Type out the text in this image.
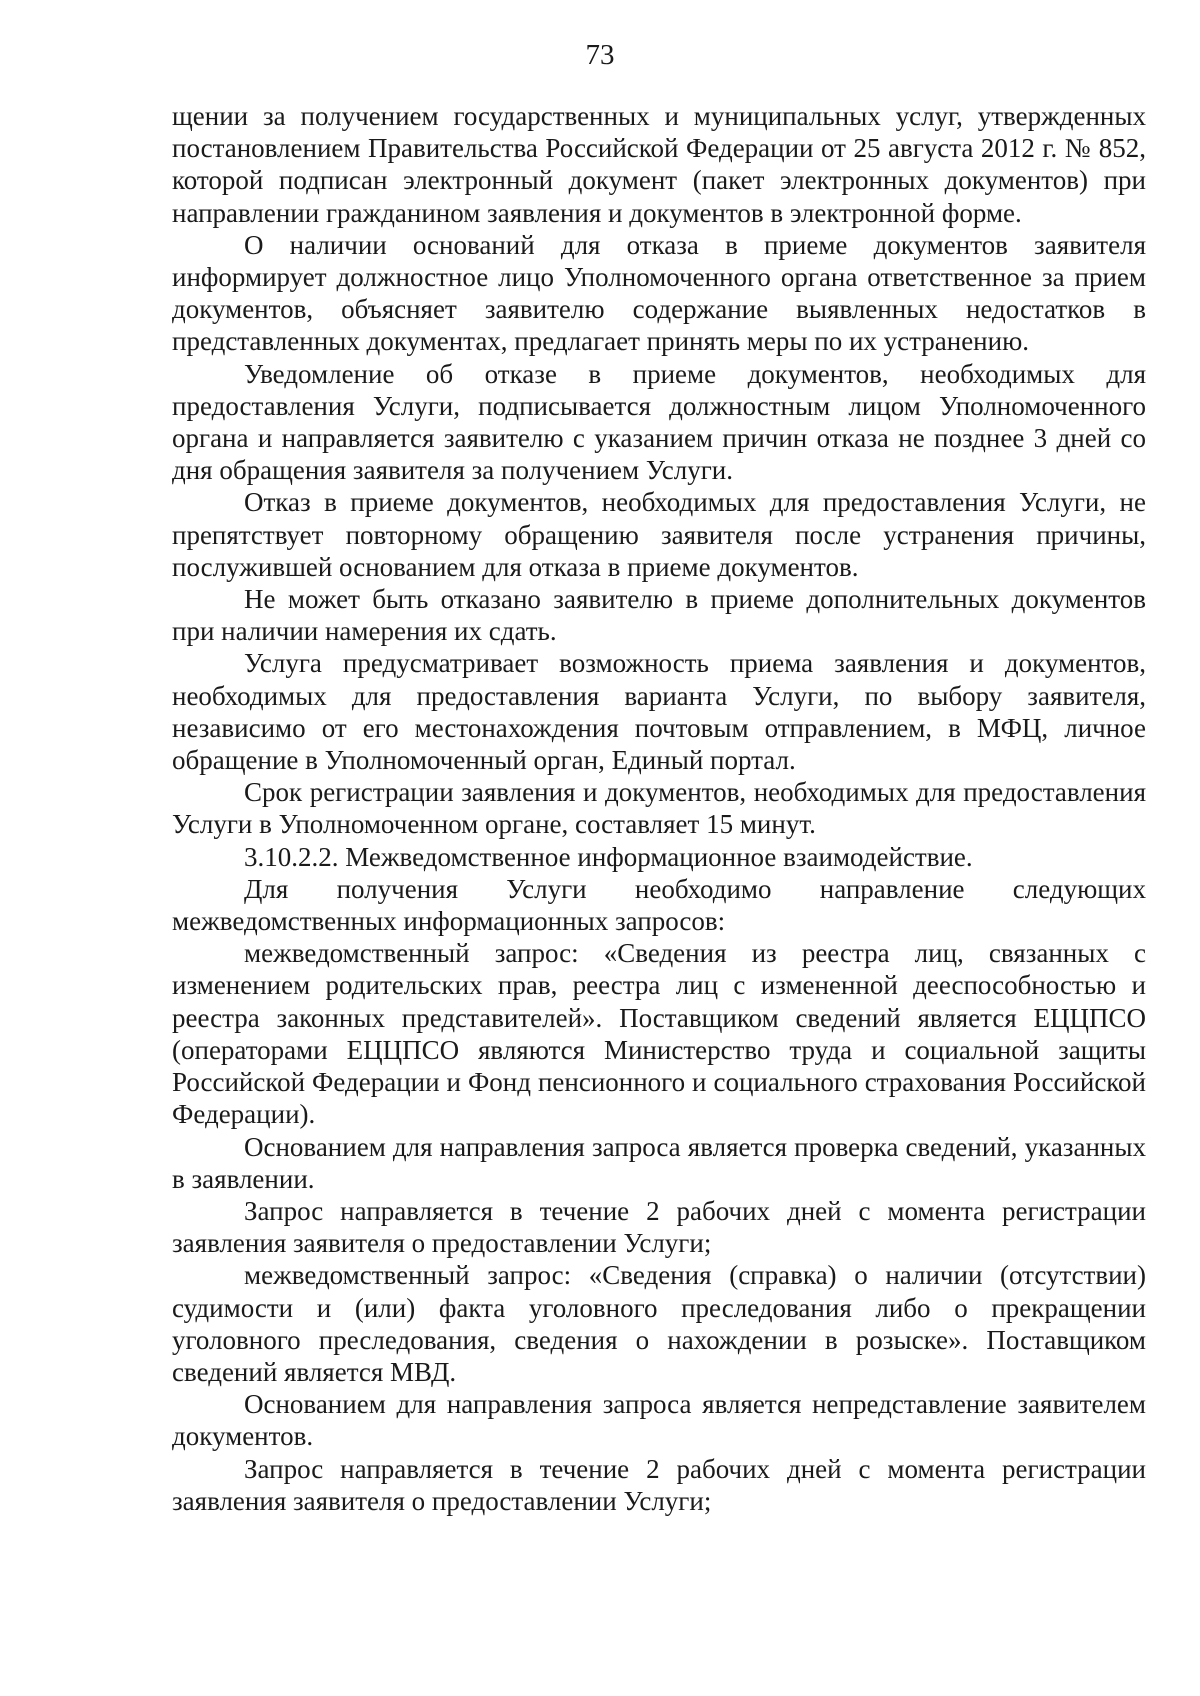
73

щении за получением государственных и муниципальных услуг, утвержденных постановлением Правительства Российской Федерации от 25 августа 2012 г. № 852, которой подписан электронный документ (пакет электронных документов) при направлении гражданином заявления и документов в электронной форме.

О наличии оснований для отказа в приеме документов заявителя информирует должностное лицо Уполномоченного органа ответственное за прием документов, объясняет заявителю содержание выявленных недостатков в представленных документах, предлагает принять меры по их устранению.

Уведомление об отказе в приеме документов, необходимых для предоставления Услуги, подписывается должностным лицом Уполномоченного органа и направляется заявителю с указанием причин отказа не позднее 3 дней со дня обращения заявителя за получением Услуги.

Отказ в приеме документов, необходимых для предоставления Услуги, не препятствует повторному обращению заявителя после устранения причины, послужившей основанием для отказа в приеме документов.

Не может быть отказано заявителю в приеме дополнительных документов при наличии намерения их сдать.

Услуга предусматривает возможность приема заявления и документов, необходимых для предоставления варианта Услуги, по выбору заявителя, независимо от его местонахождения почтовым отправлением, в МФЦ, личное обращение в Уполномоченный орган, Единый портал.

Срок регистрации заявления и документов, необходимых для предоставления Услуги в Уполномоченном органе, составляет 15 минут.

3.10.2.2. Межведомственное информационное взаимодействие.

Для получения Услуги необходимо направление следующих межведомственных информационных запросов:

межведомственный запрос: «Сведения из реестра лиц, связанных с изменением родительских прав, реестра лиц с измененной дееспособностью и реестра законных представителей». Поставщиком сведений является ЕЦЦПСО (операторами ЕЦЦПСО являются Министерство труда и социальной защиты Российской Федерации и Фонд пенсионного и социального страхования Российской Федерации).

Основанием для направления запроса является проверка сведений, указанных в заявлении.

Запрос направляется в течение 2 рабочих дней с момента регистрации заявления заявителя о предоставлении Услуги;

межведомственный запрос: «Сведения (справка) о наличии (отсутствии) судимости и (или) факта уголовного преследования либо о прекращении уголовного преследования, сведения о нахождении в розыске». Поставщиком сведений является МВД.

Основанием для направления запроса является непредставление заявителем документов.

Запрос направляется в течение 2 рабочих дней с момента регистрации заявления заявителя о предоставлении Услуги;
